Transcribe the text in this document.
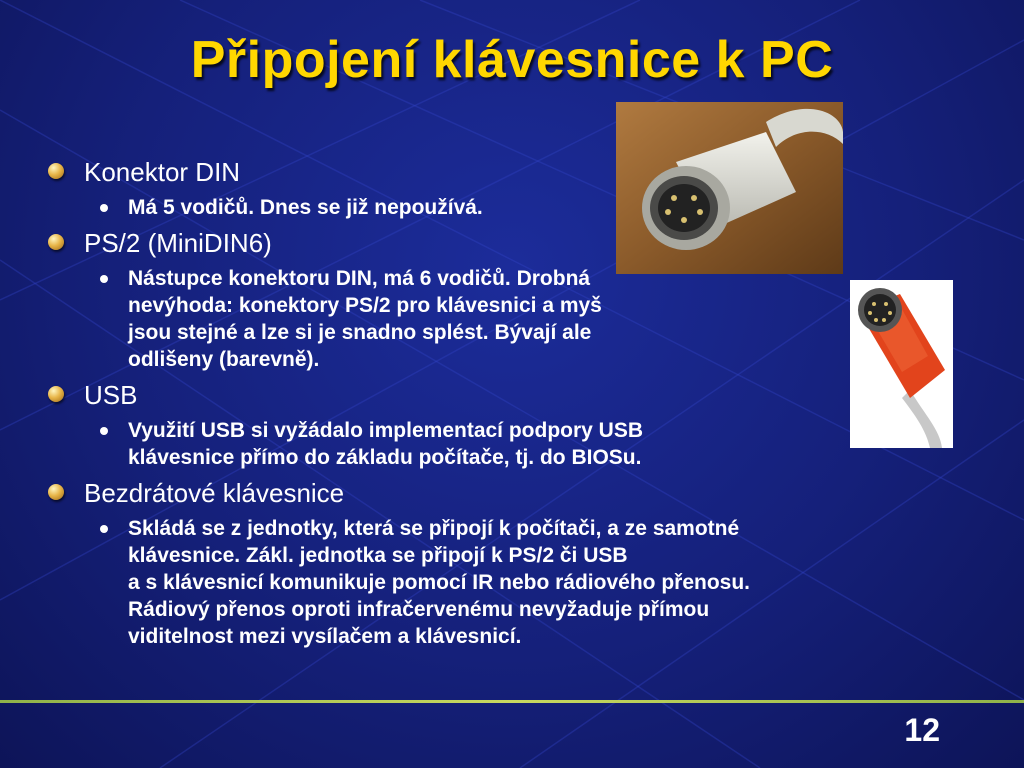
Připojení klávesnice k PC
Konektor DIN
Má 5 vodičů. Dnes se již nepoužívá.
PS/2 (MiniDIN6)
Nástupce konektoru DIN, má 6 vodičů. Drobná
nevýhoda: konektory PS/2 pro klávesnici a myš
jsou stejné a lze si je snadno splést. Bývají ale
odlišeny (barevně).
USB
Využití USB si vyžádalo implementací podpory USB
klávesnice přímo do základu počítače, tj. do BIOSu.
Bezdrátové klávesnice
Skládá se z jednotky, která se připojí k počítači, a ze samotné
klávesnice. Zákl. jednotka se připojí k PS/2 či USB
a s klávesnicí komunikuje pomocí IR nebo rádiového přenosu.
Rádiový přenos oproti infračervenému nevyžaduje přímou
viditelnost mezi vysílačem a klávesnicí.
12
